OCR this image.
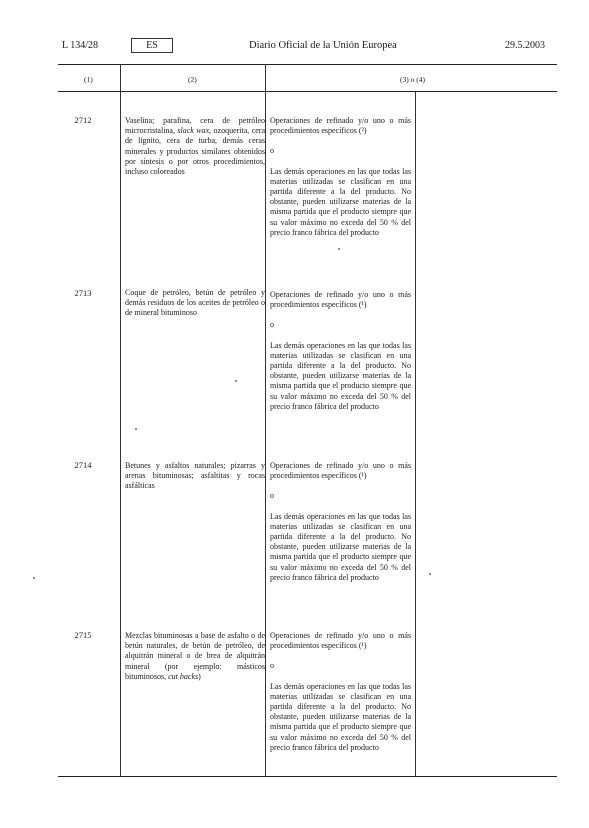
L 134/28	ES	Diario Oficial de la Unión Europea	29.5.2003
(1)	(2)	(3) o (4)
2712	Vaselina; parafina, cera de petróleo microcristalina, slack wax, ozoquerita, cera de lignito, cera de turba, demás ceras minerales y productos similares obtenidos por síntesis o por otros procedimientos, incluso coloreados
Operaciones de refinado y/o uno o más procedimientos específicos (²)
o
Las demás operaciones en las que todas las materias utilizadas se clasifican en una partida diferente a la del producto. No obstante, pueden utilizarse materias de la misma partida que el producto siempre que su valor máximo no exceda del 50 % del precio franco fábrica del producto
2713	Coque de petróleo, betún de petróleo y demás residuos de los aceites de petróleo o de mineral bituminoso
Operaciones de refinado y/o uno o más procedimientos específicos (¹)
o
Las demás operaciones en las que todas las materias utilizadas se clasifican en una partida diferente a la del producto. No obstante, pueden utilizarse materias de la misma partida que el producto siempre que su valor máximo no exceda del 50 % del precio franco fábrica del producto
2714	Betunes y asfaltos naturales; pizarras y arenas bituminosas; asfaltitas y rocas asfálticas
Operaciones de refinado y/o uno o más procedimientos específicos (¹)
o
Las demás operaciones en las que todas las materias utilizadas se clasifican en una partida diferente a la del producto. No obstante, pueden utilizarse materias de la misma partida que el producto siempre que su valor máximo no exceda del 50 % del precio franco fábrica del producto
2715	Mezclas bituminosas a base de asfalto o de betún naturales, de betún de petróleo, de alquitrán mineral o de brea de alquitrán mineral (por ejemplo: másticos bituminosos, cut backs)
Operaciones de refinado y/o uno o más procedimientos específicos (¹)
o
Las demás operaciones en las que todas las materias utilizadas se clasifican en una partida diferente a la del producto. No obstante, pueden utilizarse materias de la misma partida que el producto siempre que su valor máximo no exceda del 50 % del precio franco fábrica del producto
